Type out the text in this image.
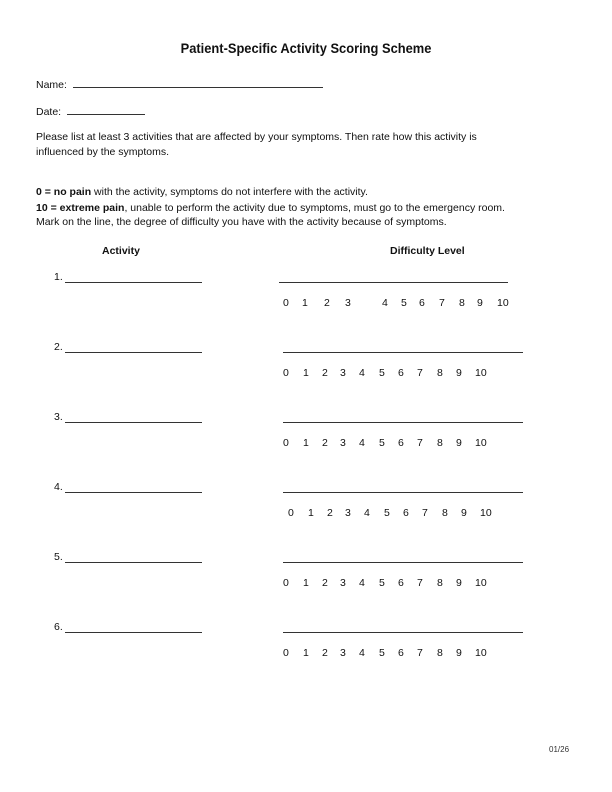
Patient-Specific Activity Scoring Scheme
Name:
Date:
Please list at least 3 activities that are affected by your symptoms. Then rate how this activity is influenced by the symptoms.
0 = no pain with the activity, symptoms do not interfere with the activity.
10 = extreme pain, unable to perform the activity due to symptoms, must go to the emergency room.
Mark on the line, the degree of difficulty you have with the activity because of symptoms.
Activity	Difficulty Level
1.
0 1 2 3	4 5 6 7 8 9 10
2.
0 1 2 3 4 5 6 7 8 9 10
3.
0 1 2 3 4 5 6 7 8 9 10
4.
0 1 2 3 4 5 6 7 8 9 10
5.
0 1 2 3 4 5 6 7 8 9 10
6.
0 1 2 3 4 5 6 7 8 9 10
01/26
